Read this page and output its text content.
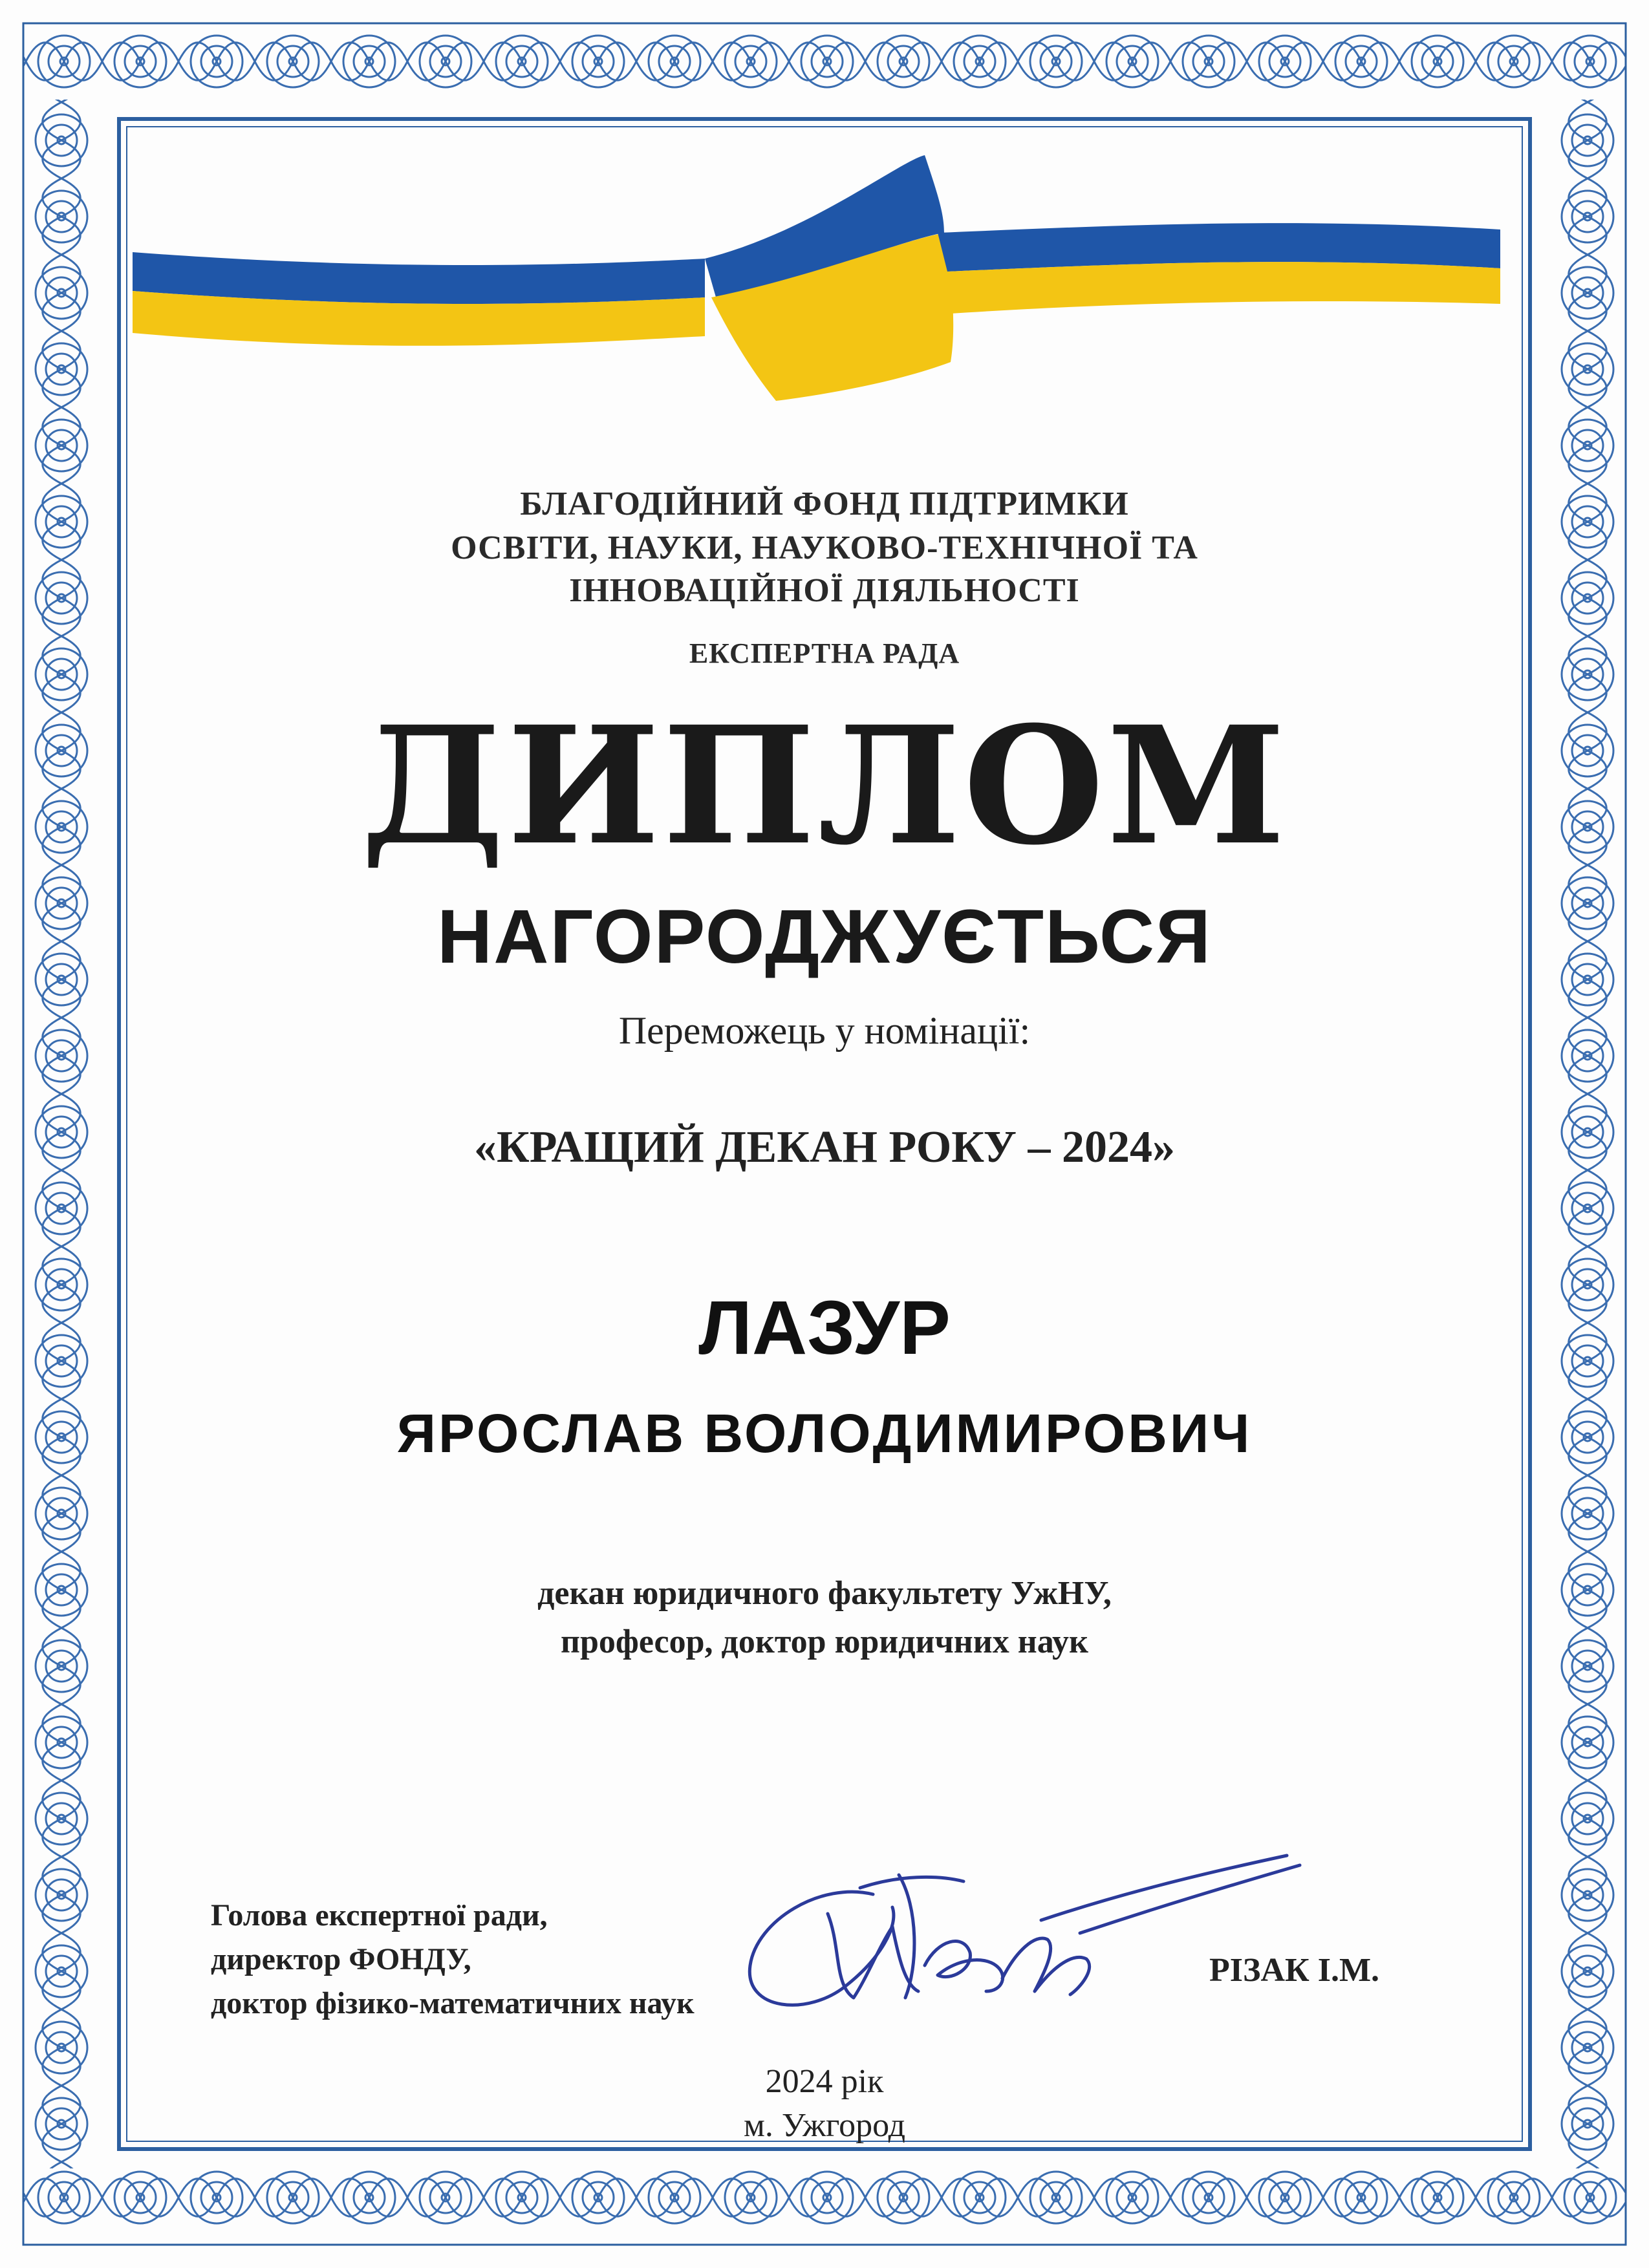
БЛАГОДІЙНИЙ ФОНД ПІДТРИМКИ
ОСВІТИ, НАУКИ, НАУКОВО-ТЕХНІЧНОЇ ТА
ІННОВАЦІЙНОЇ ДІЯЛЬНОСТІ
ЕКСПЕРТНА РАДА
ДИПЛОМ
НАГОРОДЖУЄТЬСЯ
Переможець у номінації:
«КРАЩИЙ ДЕКАН РОКУ – 2024»
ЛАЗУР
ЯРОСЛАВ ВОЛОДИМИРОВИЧ
декан юридичного факультету УжНУ,
професор, доктор юридичних наук
Голова експертної ради,
директор ФОНДУ,
доктор фізико-математичних наук
РІЗАК І.М.
2024 рік
м. Ужгород
